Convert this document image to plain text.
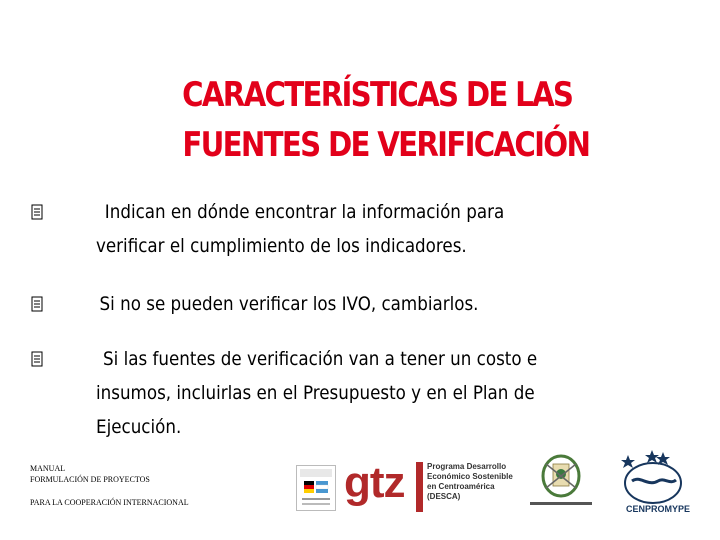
CARACTERÍSTICAS DE LAS
FUENTES DE VERIFICACIÓN
Indican en dónde encontrar la información para
verificar el cumplimiento de los indicadores.
Si no se pueden verificar los IVO, cambiarlos.
Si las fuentes de verificación van a tener un costo e
insumos, incluirlas en el Presupuesto y en el Plan de
Ejecución.
MANUAL
FORMULACIÓN DE PROYECTOS
PARA LA COOPERACIÓN INTERNACIONAL	gtz	Programa Desarrollo
Económico Sostenible
en Centroamérica
(DESCA)
CENPROMYPE
